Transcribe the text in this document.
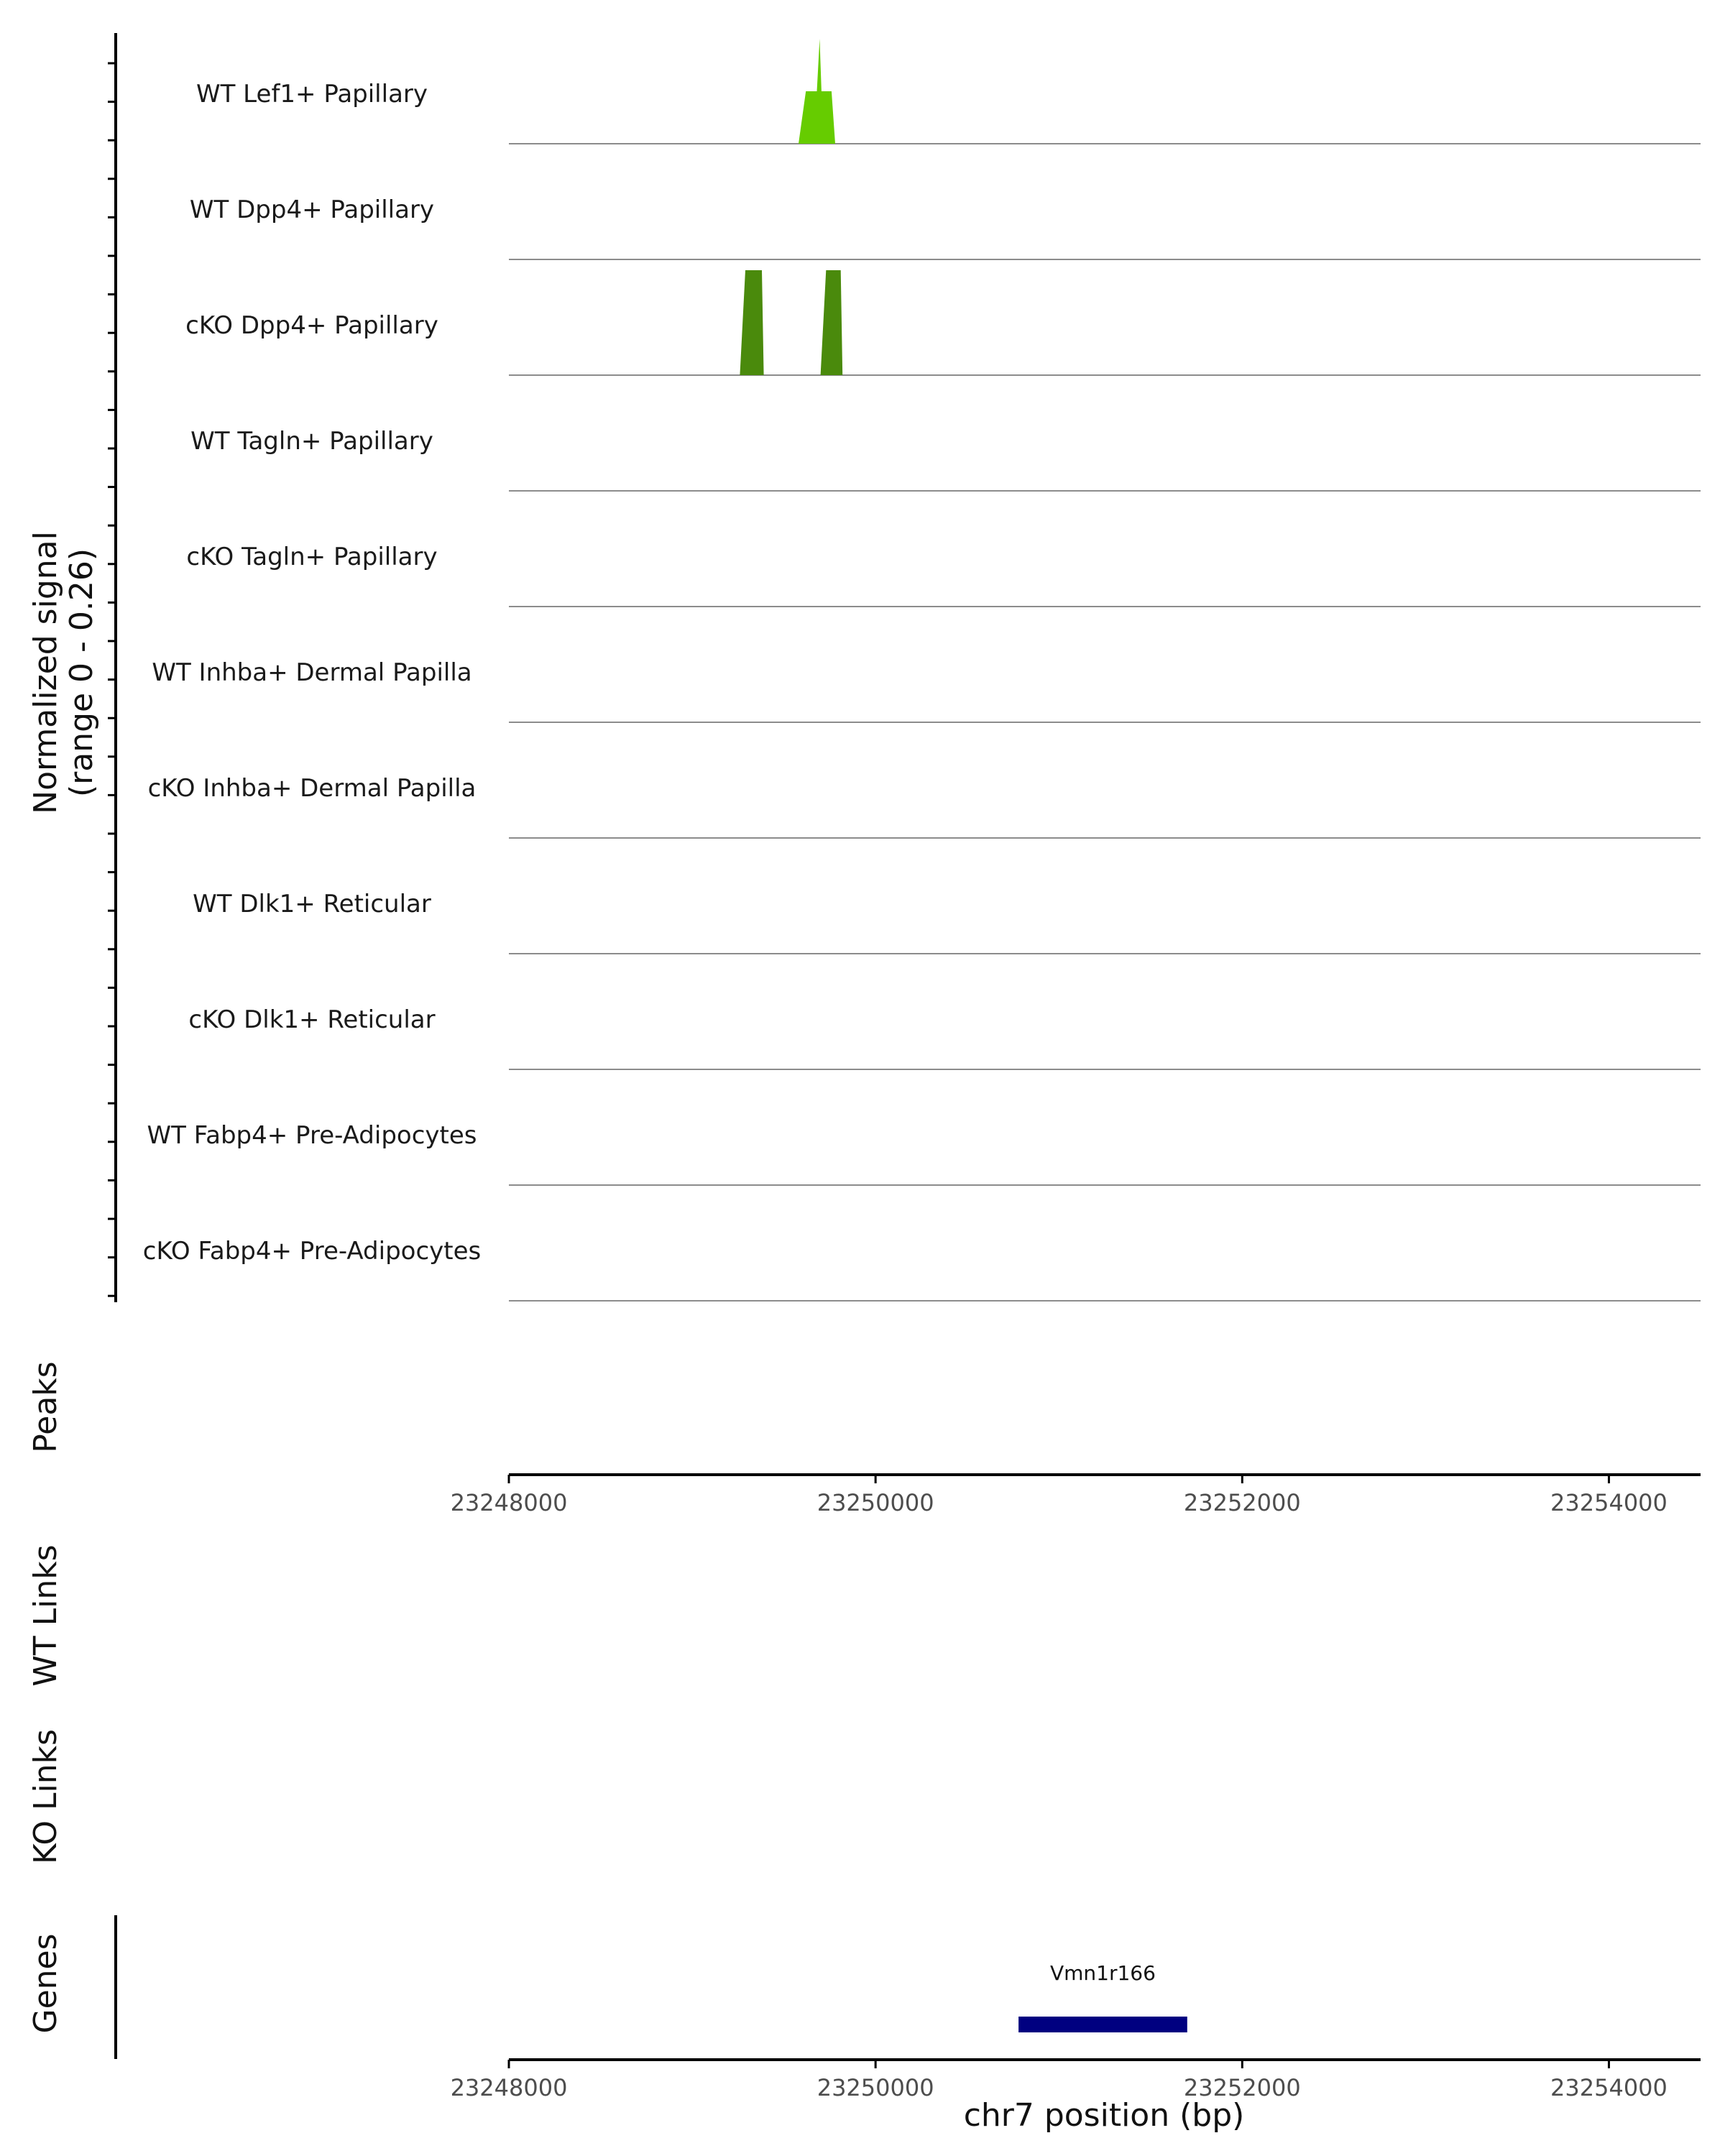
Normalized signal (range 0 - 0.26)
WT Lef1+ Papillary
WT Dpp4+ Papillary
cKO Dpp4+ Papillary
WT Tagln+ Papillary
cKO Tagln+ Papillary
WT Inhba+ Dermal Papilla
cKO Inhba+ Dermal Papilla
WT Dlk1+ Reticular
cKO Dlk1+ Reticular
WT Fabp4+ Pre-Adipocytes
cKO Fabp4+ Pre-Adipocytes
Peaks
23248000	23250000	23252000	23254000
WT Links
KO Links
Genes	Vmn1r166
23248000	23250000	23252000	23254000
chr7 position (bp)
